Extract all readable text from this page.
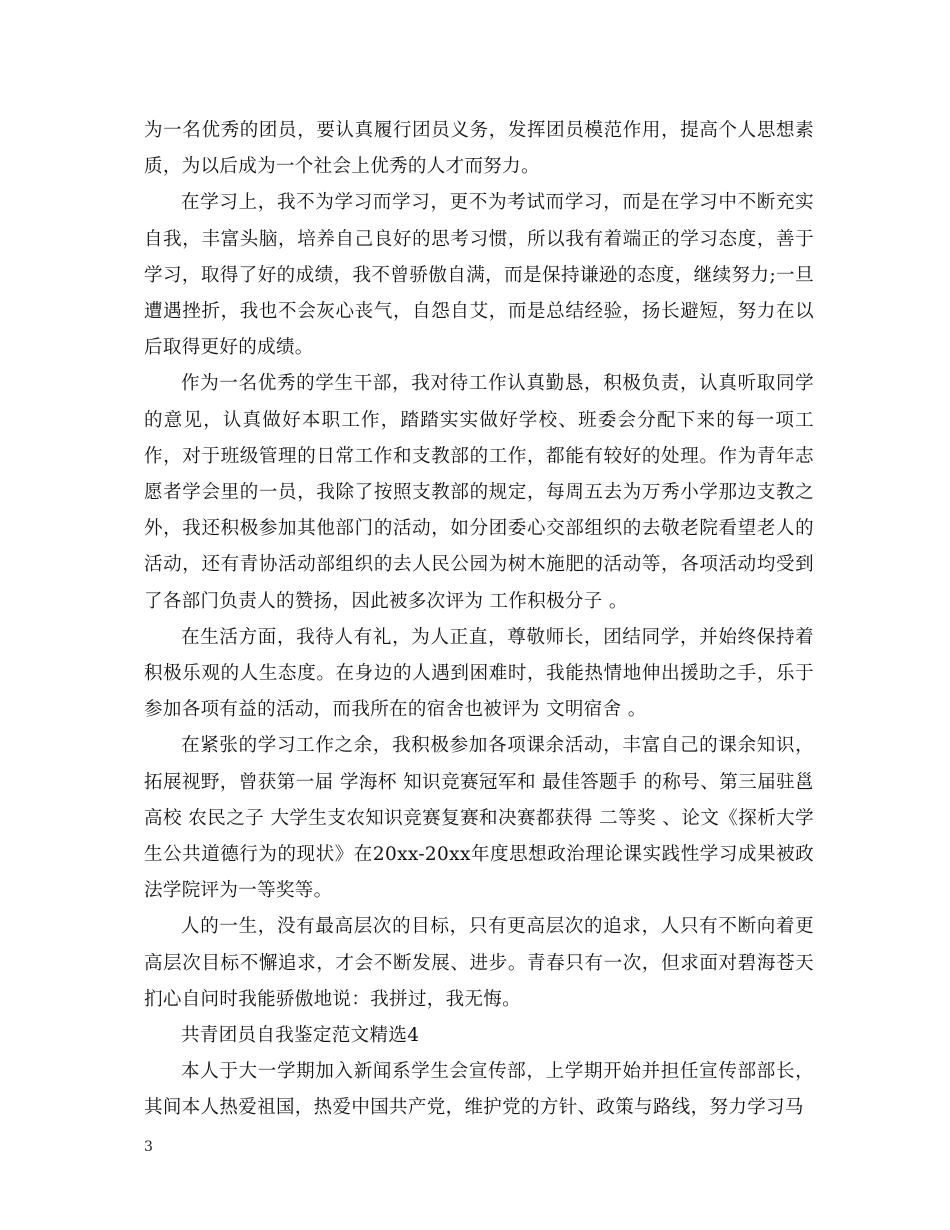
为一名优秀的团员，要认真履行团员义务，发挥团员模范作用，提高个人思想素质，为以后成为一个社会上优秀的人才而努力。

在学习上，我不为学习而学习，更不为考试而学习，而是在学习中不断充实自我，丰富头脑，培养自己良好的思考习惯，所以我有着端正的学习态度，善于学习，取得了好的成绩，我不曾骄傲自满，而是保持谦逊的态度，继续努力;一旦遭遇挫折，我也不会灰心丧气，自怨自艾，而是总结经验，扬长避短，努力在以后取得更好的成绩。

作为一名优秀的学生干部，我对待工作认真勤恳，积极负责，认真听取同学的意见，认真做好本职工作，踏踏实实做好学校、班委会分配下来的每一项工作，对于班级管理的日常工作和支教部的工作，都能有较好的处理。作为青年志愿者学会里的一员，我除了按照支教部的规定，每周五去为万秀小学那边支教之外，我还积极参加其他部门的活动，如分团委心交部组织的去敬老院看望老人的活动，还有青协活动部组织的去人民公园为树木施肥的活动等，各项活动均受到了各部门负责人的赞扬，因此被多次评为 工作积极分子 。

在生活方面，我待人有礼，为人正直，尊敬师长，团结同学，并始终保持着积极乐观的人生态度。在身边的人遇到困难时，我能热情地伸出援助之手，乐于参加各项有益的活动，而我所在的宿舍也被评为 文明宿舍 。

在紧张的学习工作之余，我积极参加各项课余活动，丰富自己的课余知识，拓展视野，曾获第一届 学海杯 知识竞赛冠军和 最佳答题手 的称号、第三届驻邕高校 农民之子 大学生支农知识竞赛复赛和决赛都获得 二等奖 、论文《探析大学生公共道德行为的现状》在20xx-20xx年度思想政治理论课实践性学习成果被政法学院评为一等奖等。

人的一生，没有最高层次的目标，只有更高层次的追求，人只有不断向着更高层次目标不懈追求，才会不断发展、进步。青春只有一次，但求面对碧海苍天扪心自问时我能骄傲地说：我拼过，我无悔。

共青团员自我鉴定范文精选4

本人于大一学期加入新闻系学生会宣传部，上学期开始并担任宣传部部长，其间本人热爱祖国，热爱中国共产党，维护党的方针、政策与路线，努力学习马

3
